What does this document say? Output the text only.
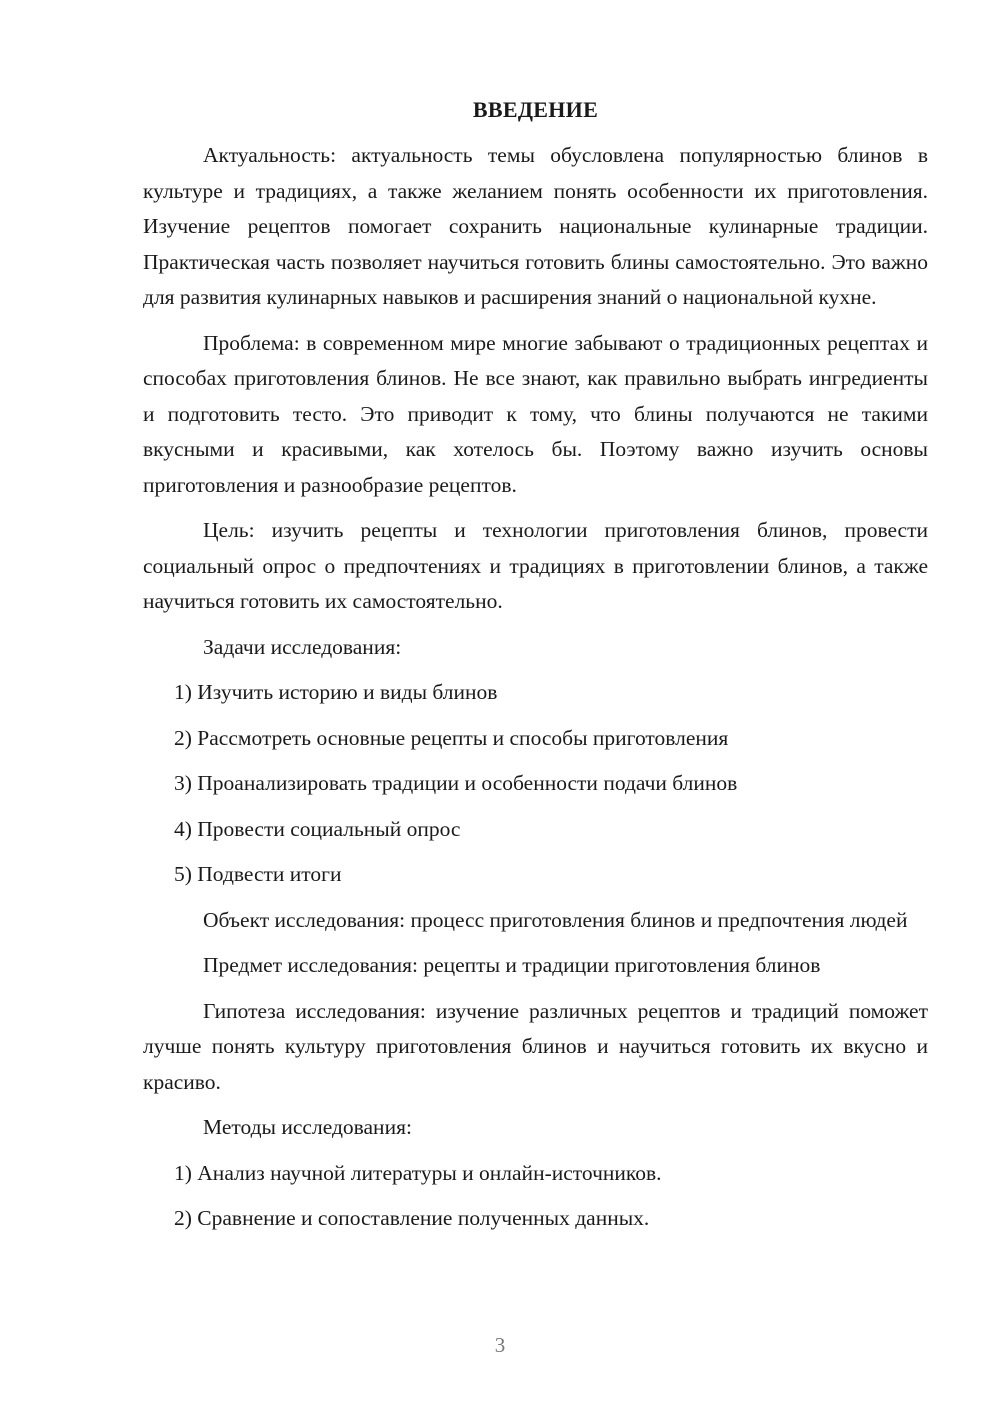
ВВЕДЕНИЕ

Актуальность: актуальность темы обусловлена популярностью блинов в культуре и традициях, а также желанием понять особенности их приготовления. Изучение рецептов помогает сохранить национальные кулинарные традиции. Практическая часть позволяет научиться готовить блины самостоятельно. Это важно для развития кулинарных навыков и расширения знаний о национальной кухне.

Проблема: в современном мире многие забывают о традиционных рецептах и способах приготовления блинов. Не все знают, как правильно выбрать ингредиенты и подготовить тесто. Это приводит к тому, что блины получаются не такими вкусными и красивыми, как хотелось бы. Поэтому важно изучить основы приготовления и разнообразие рецептов.

Цель: изучить рецепты и технологии приготовления блинов, провести социальный опрос о предпочтениях и традициях в приготовлении блинов, а также научиться готовить их самостоятельно.

Задачи исследования:

1) Изучить историю и виды блинов
2) Рассмотреть основные рецепты и способы приготовления
3) Проанализировать традиции и особенности подачи блинов
4) Провести социальный опрос
5) Подвести итоги

Объект исследования: процесс приготовления блинов и предпочтения людей

Предмет исследования: рецепты и традиции приготовления блинов

Гипотеза исследования: изучение различных рецептов и традиций поможет лучше понять культуру приготовления блинов и научиться готовить их вкусно и красиво.

Методы исследования:

1) Анализ научной литературы и онлайн-источников.
2) Сравнение и сопоставление полученных данных.
3
